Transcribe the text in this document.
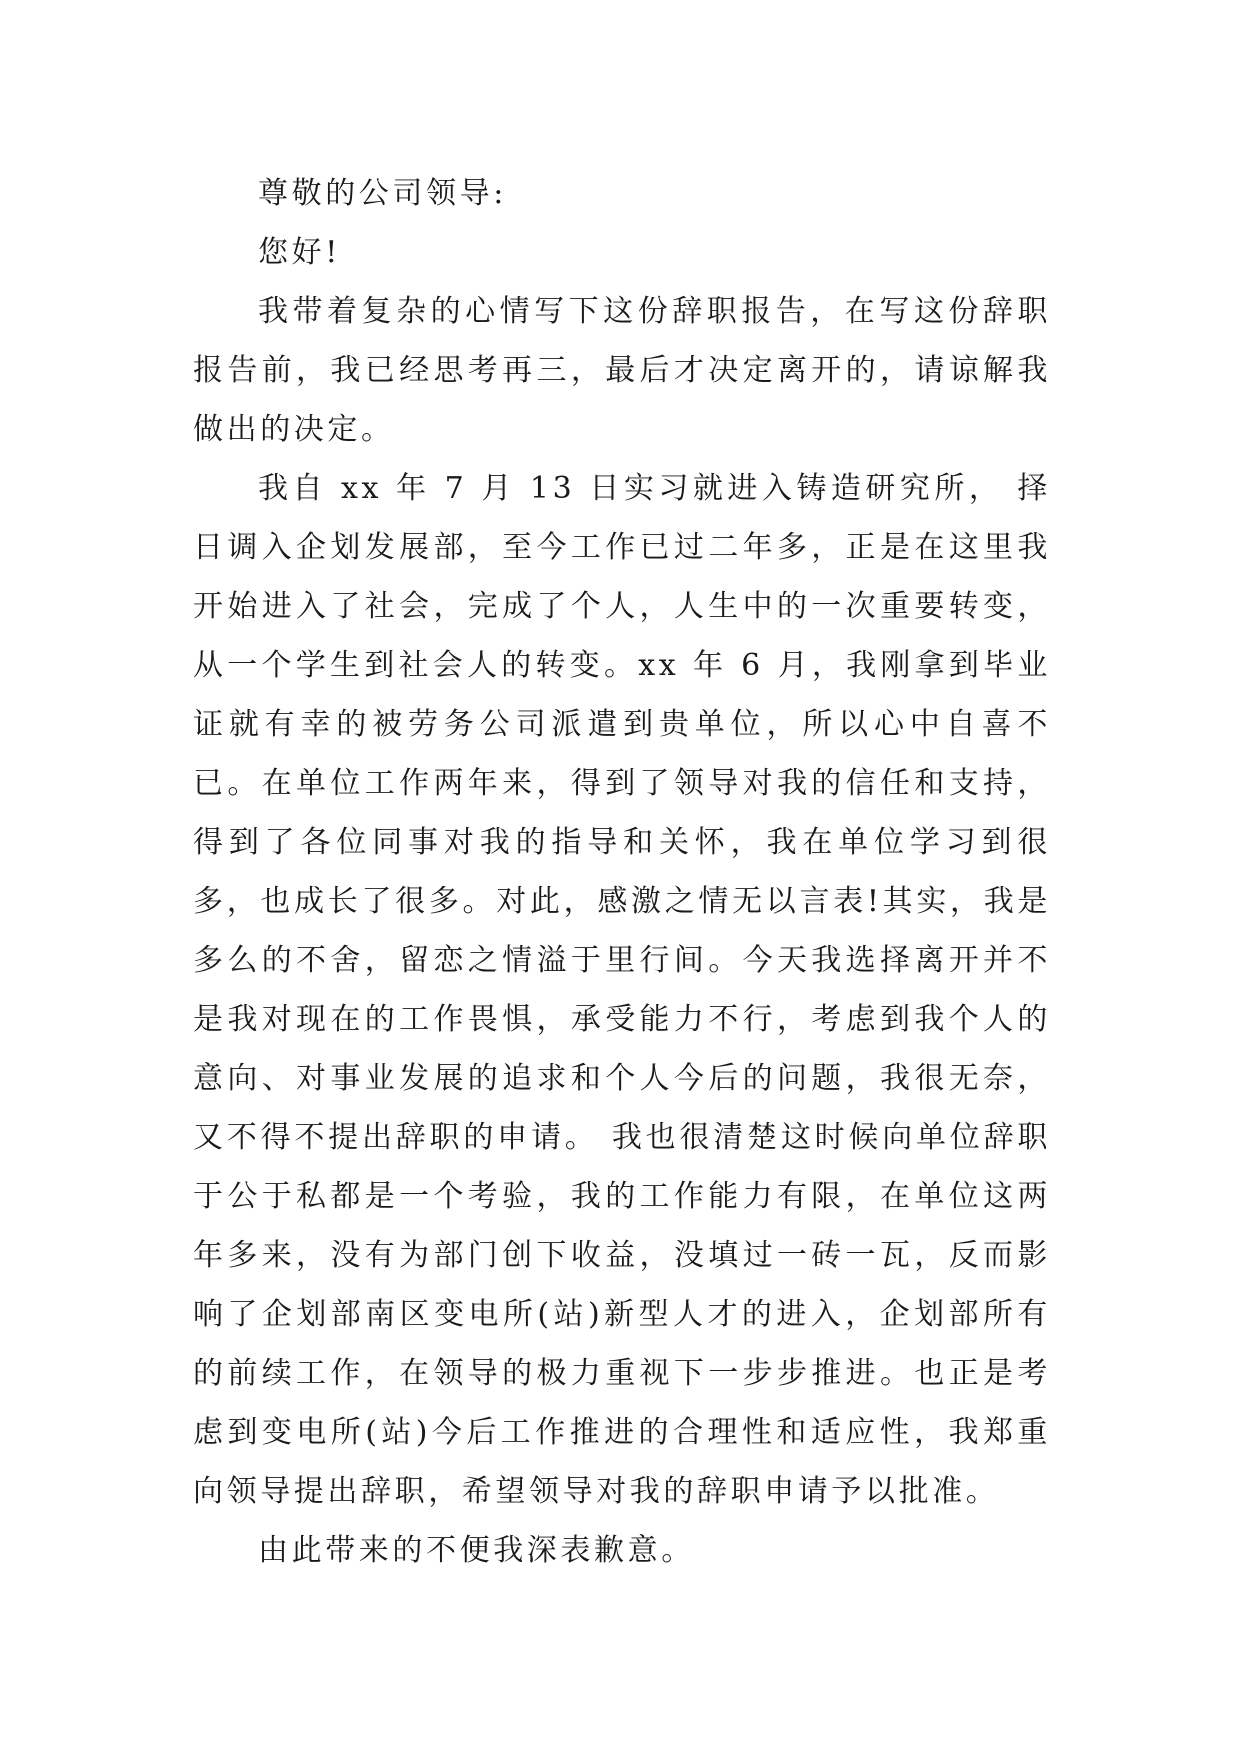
尊敬的公司领导:

您好!

我带着复杂的心情写下这份辞职报告，在写这份辞职报告前，我已经思考再三，最后才决定离开的，请谅解我做出的决定。

我自 xx 年 7 月 13 日实习就进入铸造研究所， 择日调入企划发展部，至今工作已过二年多，正是在这里我开始进入了社会，完成了个人，人生中的一次重要转变，从一个学生到社会人的转变。xx 年 6 月，我刚拿到毕业证就有幸的被劳务公司派遣到贵单位，所以心中自喜不已。在单位工作两年来，得到了领导对我的信任和支持，得到了各位同事对我的指导和关怀，我在单位学习到很多，也成长了很多。对此，感激之情无以言表!其实，我是多么的不舍，留恋之情溢于里行间。今天我选择离开并不是我对现在的工作畏惧，承受能力不行，考虑到我个人的意向、对事业发展的追求和个人今后的问题，我很无奈，又不得不提出辞职的申请。 我也很清楚这时候向单位辞职于公于私都是一个考验，我的工作能力有限，在单位这两年多来，没有为部门创下收益，没填过一砖一瓦，反而影响了企划部南区变电所(站)新型人才的进入，企划部所有的前续工作，在领导的极力重视下一步步推进。也正是考虑到变电所(站)今后工作推进的合理性和适应性，我郑重向领导提出辞职，希望领导对我的辞职申请予以批准。

由此带来的不便我深表歉意。
